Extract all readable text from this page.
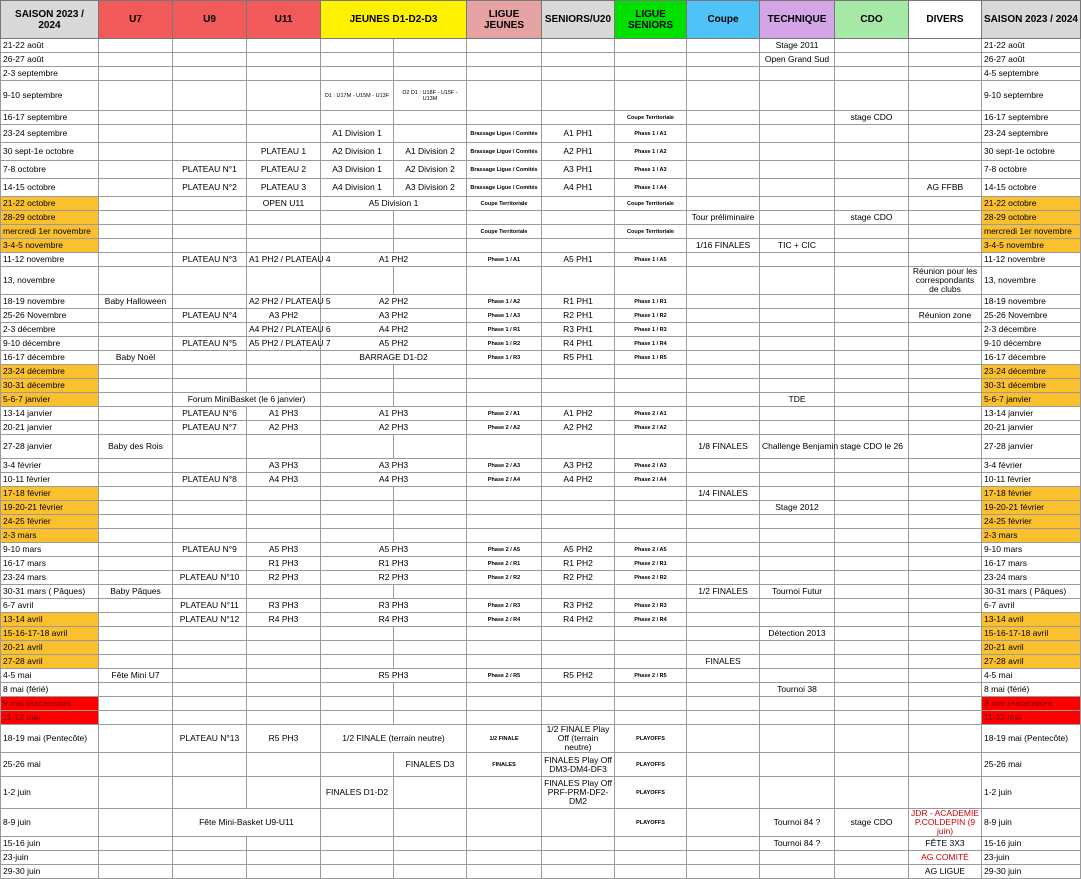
SAISON 2023 / 2024	U7	U9	U11	JEUNES D1-D2-D3		LIGUE JEUNES	SENIORS/U20	LIGUE SENIORS	Coupe	TECHNIQUE	CDO	DIVERS	SAISON 2023 / 2024
21-22 août										Stage 2011			21-22 août
26-27 août										Open Grand Sud			26-27 août
2-3 septembre													4-5 septembre
9-10 septembre				D1 : U17M - U15M - U13F	D2 D1 : U18F - U15F - U13M								9-10 septembre
16-17 septembre								Coupe Territoriale			stage CDO		16-17 septembre
23-24 septembre				A1 Division 1		Brassage Ligue / Comités	A1 PH1	Phase 1 / A1					23-24 septembre
30 sept-1e octobre			PLATEAU 1	A2 Division 1	A1 Division 2	Brassage Ligue / Comités	A2 PH1	Phase 1 / A2					30 sept-1e octobre
7-8 octobre		PLATEAU N°1	PLATEAU 2	A3 Division 1	A2 Division 2	Brassage Ligue / Comités	A3 PH1	Phase 1 / A3					7-8 octobre
14-15 octobre		PLATEAU N°2	PLATEAU 3	A4 Division 1	A3 Division 2	Brassage Ligue / Comités	A4 PH1	Phase 1 / A4				AG FFBB	14-15 octobre
21-22 octobre			OPEN U11	A5 Division 1		Coupe Territoriale		Coupe Territoriale					21-22 octobre
28-29 octobre									Tour préliminaire		stage CDO		28-29 octobre
mercredi 1er novembre						Coupe Territoriale		Coupe Territoriale					mercredi 1er novembre
3-4-5 novembre									1/16 FINALES	TIC + CIC			3-4-5 novembre
11-12 novembre		PLATEAU N°3	A1 PH2 / PLATEAU 4	A1 PH2		Phase 1 / A1	A5 PH1	Phase 1 / A5					11-12 novembre
13, novembre												Réunion pour les correspondants de clubs	13, novembre
18-19 novembre	Baby Halloween		A2 PH2 / PLATEAU 5	A2 PH2		Phase 1 / A2	R1 PH1	Phase 1 / R1					18-19 novembre
25-26 Novembre		PLATEAU N°4	A3 PH2	A3 PH2		Phase 1 / A3	R2 PH1	Phase 1 / R2				Réunion zone	25-26 Novembre
2-3 décembre			A4 PH2 / PLATEAU 6	A4 PH2		Phase 1 / R1	R3 PH1	Phase 1 / R3					2-3 décembre
9-10 décembre		PLATEAU N°5	A5 PH2 / PLATEAU 7	A5 PH2		Phase 1 / R2	R4 PH1	Phase 1 / R4					9-10 décembre
16-17 décembre	Baby Noël			BARRAGE D1-D2		Phase 1 / R3	R5 PH1	Phase 1 / R5					16-17 décembre
23-24 décembre													23-24 décembre
30-31 décembre													30-31 décembre
5-6-7 janvier		Forum MiniBasket (le 6 janvier)								TDE			5-6-7 janvier
13-14 janvier		PLATEAU N°6	A1 PH3	A1 PH3		Phase 2 / A1	A1 PH2	Phase 2 / A1					13-14 janvier
20-21 janvier		PLATEAU N°7	A2 PH3	A2 PH3		Phase 2 / A2	A2 PH2	Phase 2 / A2					20-21 janvier
27-28 janvier	Baby des Rois								1/8 FINALES	Challenge Benjamin	stage CDO le 26		27-28 janvier
3-4 février			A3 PH3	A3 PH3		Phase 2 / A3	A3 PH2	Phase 2 / A3					3-4 février
10-11 février		PLATEAU N°8	A4 PH3	A4 PH3		Phase 2 / A4	A4 PH2	Phase 2 / A4					10-11 février
17-18 février									1/4 FINALES				17-18 février
19-20-21 février										Stage 2012			19-20-21 février
24-25 février													24-25 février
2-3 mars													2-3 mars
9-10 mars		PLATEAU N°9	A5 PH3	A5 PH3		Phase 2 / A5	A5 PH2	Phase 2 / A5					9-10 mars
16-17 mars			R1 PH3	R1 PH3		Phase 2 / R1	R1 PH2	Phase 2 / R1					16-17 mars
23-24 mars		PLATEAU N°10	R2 PH3	R2 PH3		Phase 2 / R2	R2 PH2	Phase 2 / R2					23-24 mars
30-31 mars ( Pâques)	Baby Pâques								1/2 FINALES	Tournoi Futur			30-31 mars ( Pâques)
6-7 avril		PLATEAU N°11	R3 PH3	R3 PH3		Phase 2 / R3	R3 PH2	Phase 2 / R3					6-7 avril
13-14 avril		PLATEAU N°12	R4 PH3	R4 PH3		Phase 2 / R4	R4 PH2	Phase 2 / R4					13-14 avril
15-16-17-18 avril										Détection 2013			15-16-17-18 avril
20-21 avril													20-21 avril
27-28 avril									FINALES				27-28 avril
4-5 mai	Fête Mini U7			R5 PH3		Phase 2 / R5	R5 PH2	Phase 2 / R5					4-5 mai
8 mai (férié)										Tournoi 38			8 mai (férié)
9 mai (Ascension)													9 mai (Ascension)
11-12 mai													11-12 mai
18-19 mai (Pentecôte)		PLATEAU N°13	R5 PH3	1/2 FINALE (terrain neutre)		1/2 FINALE	1/2 FINALE Play Off (terrain neutre)	PLAYOFFS					18-19 mai (Pentecôte)
25-26 mai					FINALES D3	FINALES	FINALES Play Off DM3-DM4-DF3	PLAYOFFS					25-26 mai
1-2 juin				FINALES D1-D2			FINALES Play Off PRF-PRM-DF2-DM2	PLAYOFFS					1-2 juin
8-9 juin		Fête Mini-Basket U9-U11						PLAYOFFS		Tournoi 84 ?	stage CDO	JDR - ACADEMIE P.COLDEPIN (9 juin)	8-9 juin
15-16 juin										Tournoi 84 ?		FÊTE 3X3	15-16 juin
23-juin												AG COMITÉ	23-juin
29-30 juin												AG LIGUE	29-30 juin
